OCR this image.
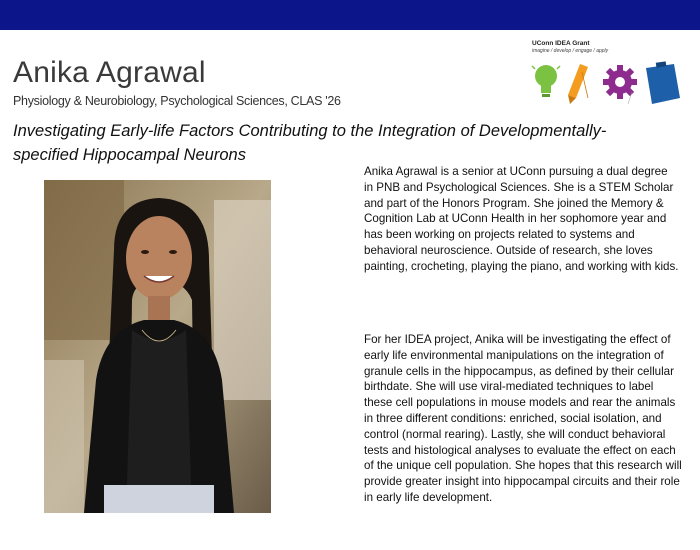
Anika Agrawal
Physiology & Neurobiology, Psychological Sciences, CLAS '26
Investigating Early-life Factors Contributing to the Integration of Developmentally-specified Hippocampal Neurons
UConn IDEA Grant
imagine / develop / engage / apply
Anika Agrawal is a senior at UConn pursuing a dual degree in PNB and Psychological Sciences. She is a STEM Scholar and part of the Honors Program. She joined the Memory & Cognition Lab at UConn Health in her sophomore year and has been working on projects related to systems and behavioral neuroscience. Outside of research, she loves painting, crocheting, playing the piano, and working with kids.
For her IDEA project, Anika will be investigating the effect of early life environmental manipulations on the integration of granule cells in the hippocampus, as defined by their cellular birthdate. She will use viral-mediated techniques to label these cell populations in mouse models and rear the animals in three different conditions: enriched, social isolation, and control (normal rearing). Lastly, she will conduct behavioral tests and histological analyses to evaluate the effect on each of the unique cell population. She hopes that this research will provide greater insight into hippocampal circuits and their role in early life development.
